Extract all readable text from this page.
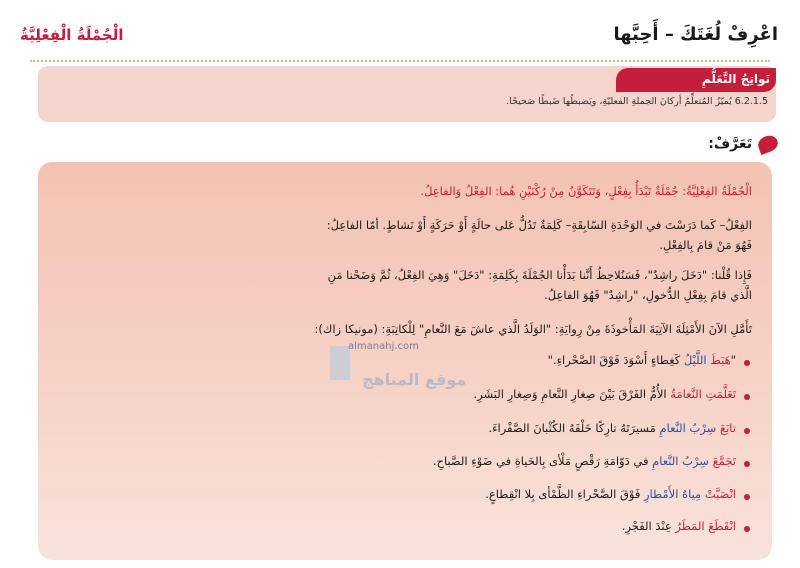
الْجُمْلَةُ الْفِعْلِيَّةُ	اعْرِفْ لُغَتَكَ – أَحِبَّها
نَواتِجُ التَّعَلُّمِ
6.2.1.5 يُميّزُ المُتعلِّمُ أركانَ الجملةِ الفعليّةِ، ويَضبطُها ضَبطًا صَحيحًا.
تَعَرَّفْ:
الْجُمْلَةُ الفِعْلِيَّةُ: جُمْلَةٌ تَبْدَأُ بِفِعْلٍ، وَتَتَكَوَّنُ مِنْ رُكْنَيْنِ هُما: الفِعْلُ وَالفاعِلُ.
الفِعْلُ– كَما دَرَسْتَ في الوَحْدَةِ السّابِقَةِ– كَلِمَةٌ تَدُلُّ عَلى حالَةٍ أَوْ حَرَكَةٍ أَوْ نَشاطٍ. أمّا الفاعِلُ:
فَهُوَ مَنْ قامَ بِالفِعْلِ.
فَإِذا قُلْنا: "دَخَلَ راشِدٌ"، فَسَنُلاحِظُ أَنَّنا بَدَأْنا الجُمْلَةَ بِكَلِمَةِ: "دَخَلَ" وَهِيَ الفِعْلُ، ثُمَّ وَضَحْنا مَنِ
الَّذي قامَ بِفِعْلِ الدُّخولِ، "راشِدٌ" فَهُوَ الفاعِلُ.
تَأَمَّلِ الآنَ الأَمْثِلَةَ الآتِيَةَ المَأْخوذَةَ مِنْ رِوايَةِ: "الوَلَدُ الَّذي عاشَ مَعَ النَّعامِ" لِلْكاتِبَةِ: (مونيكا زاك):
"هَبَطَ اللَّيْلُ كَغِطاءٍ أَسْوَدَ فَوْقَ الصَّحْراءِ."
تَعَلَّمَتِ النَّعامَةُ الأُمُّ الفَرْقَ بَيْنَ صِغارِ النَّعامِ وَصِغارِ البَشَرِ.
تابَعَ سِرْبُ النَّعامِ مَسيرَتَهُ تارِكًا خَلْفَهُ الكُثْبانَ الصَّفْراءَ.
تَجَمَّعَ سِرْبُ النَّعامِ في دَوّامَةِ رَقْصٍ مَلْأى بِالحَياةِ في ضَوْءِ الصَّباحِ.
انْصَبَّتْ مِياهُ الأَمْطارِ فَوْقَ الصَّحْراءِ الظَّمْأى بِلا انْقِطاعٍ.
انْقَطَعَ المَطَرُ عِنْدَ الفَجْرِ.
almanahj.com
موقع المناهج
